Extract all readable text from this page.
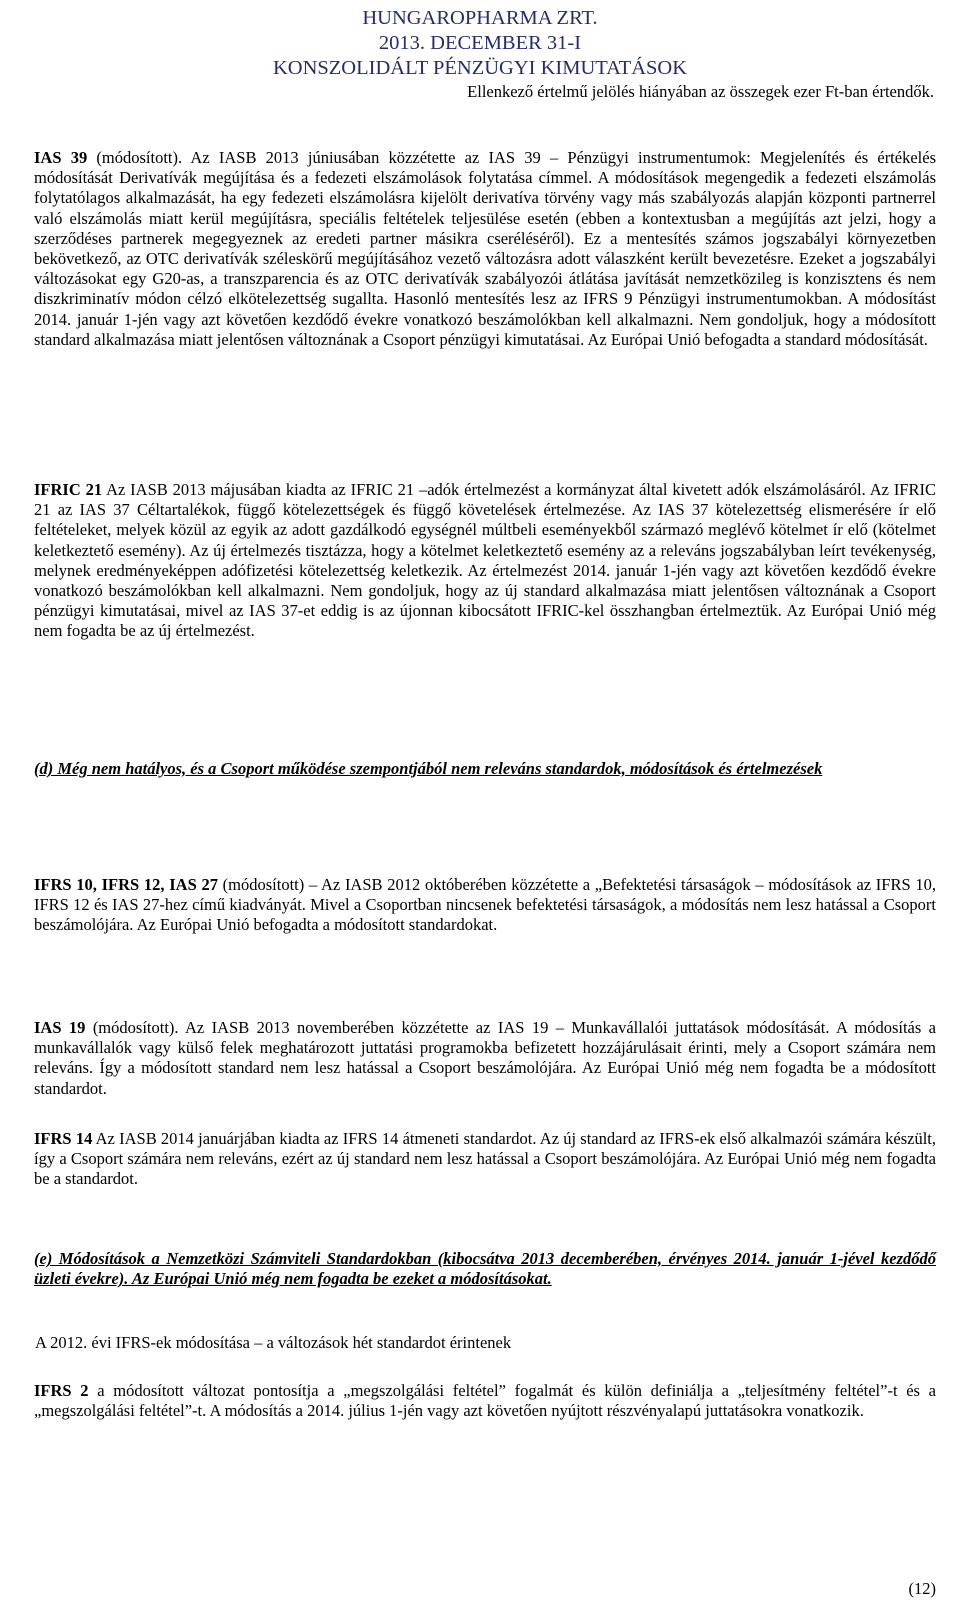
HUNGAROPHARMA ZRT.
2013. DECEMBER 31-I
KONSZOLIDÁLT PÉNZÜGYI KIMUTATÁSOK
Ellenkező értelmű jelölés hiányában az összegek ezer Ft-ban értendők.

IAS 39 (módosított). Az IASB 2013 júniusában közzétette az IAS 39 – Pénzügyi instrumentumok: Megjelenítés és értékelés módosítását Derivatívák megújítása és a fedezeti elszámolások folytatása címmel. A módosítások megengedik a fedezeti elszámolás folytatólagos alkalmazását, ha egy fedezeti elszámolásra kijelölt derivatíva törvény vagy más szabályozás alapján központi partnerrel való elszámolás miatt kerül megújításra, speciális feltételek teljesülése esetén (ebben a kontextusban a megújítás azt jelzi, hogy a szerződéses partnerek megegyeznek az eredeti partner másikra cseréléséről). Ez a mentesítés számos jogszabályi környezetben bekövetkező, az OTC derivatívák széleskörű megújításához vezető változásra adott válaszként került bevezetésre. Ezeket a jogszabályi változásokat egy G20-as, a transzparencia és az OTC derivatívák szabályozói átlátása javítását nemzetközileg is konzisztens és nem diszkriminatív módon célzó elkötelezettség sugallta. Hasonló mentesítés lesz az IFRS 9 Pénzügyi instrumentumokban. A módosítást 2014. január 1-jén vagy azt követően kezdődő évekre vonatkozó beszámolókban kell alkalmazni. Nem gondoljuk, hogy a módosított standard alkalmazása miatt jelentősen változnának a Csoport pénzügyi kimutatásai. Az Európai Unió befogadta a standard módosítását.

IFRIC 21 Az IASB 2013 májusában kiadta az IFRIC 21 –adók értelmezést a kormányzat által kivetett adók elszámolásáról. Az IFRIC 21 az IAS 37 Céltartalékok, függő kötelezettségek és függő követelések értelmezése. Az IAS 37 kötelezettség elismerésére ír elő feltételeket, melyek közül az egyik az adott gazdálkodó egységnél múltbeli eseményekből származó meglévő kötelmet ír elő (kötelmet keletkeztető esemény). Az új értelmezés tisztázza, hogy a kötelmet keletkeztető esemény az a releváns jogszabályban leírt tevékenység, melynek eredményeképpen adófizetési kötelezettség keletkezik. Az értelmezést 2014. január 1-jén vagy azt követően kezdődő évekre vonatkozó beszámolókban kell alkalmazni. Nem gondoljuk, hogy az új standard alkalmazása miatt jelentősen változnának a Csoport pénzügyi kimutatásai, mivel az IAS 37-et eddig is az újonnan kibocsátott IFRIC-kel összhangban értelmeztük. Az Európai Unió még nem fogadta be az új értelmezést.

(d) Még nem hatályos, és a Csoport működése szempontjából nem releváns standardok, módosítások és értelmezések

IFRS 10, IFRS 12, IAS 27 (módosított) – Az IASB 2012 októberében közzétette a „Befektetési társaságok – módosítások az IFRS 10, IFRS 12 és IAS 27-hez című kiadványát. Mivel a Csoportban nincsenek befektetési társaságok, a módosítás nem lesz hatással a Csoport beszámolójára. Az Európai Unió befogadta a módosított standardokat.

IAS 19 (módosított). Az IASB 2013 novemberében közzétette az IAS 19 – Munkavállalói juttatások módosítását. A módosítás a munkavállalók vagy külső felek meghatározott juttatási programokba befizetett hozzájárulásait érinti, mely a Csoport számára nem releváns. Így a módosított standard nem lesz hatással a Csoport beszámolójára. Az Európai Unió még nem fogadta be a módosított standardot.

IFRS 14 Az IASB 2014 januárjában kiadta az IFRS 14 átmeneti standardot. Az új standard az IFRS-ek első alkalmazói számára készült, így a Csoport számára nem releváns, ezért az új standard nem lesz hatással a Csoport beszámolójára. Az Európai Unió még nem fogadta be a standardot.

(e) Módosítások a Nemzetközi Számviteli Standardokban (kibocsátva 2013 decemberében, érvényes 2014. január 1-jével kezdődő üzleti évekre). Az Európai Unió még nem fogadta be ezeket a módosításokat.

A 2012. évi IFRS-ek módosítása – a változások hét standardot érintenek

IFRS 2 a módosított változat pontosítja a „megszolgálási feltétel” fogalmát és külön definiálja a „teljesítmény feltétel”-t és a „megszolgálási feltétel”-t. A módosítás a 2014. július 1-jén vagy azt követően nyújtott részvényalapú juttatásokra vonatkozik.

(12)
